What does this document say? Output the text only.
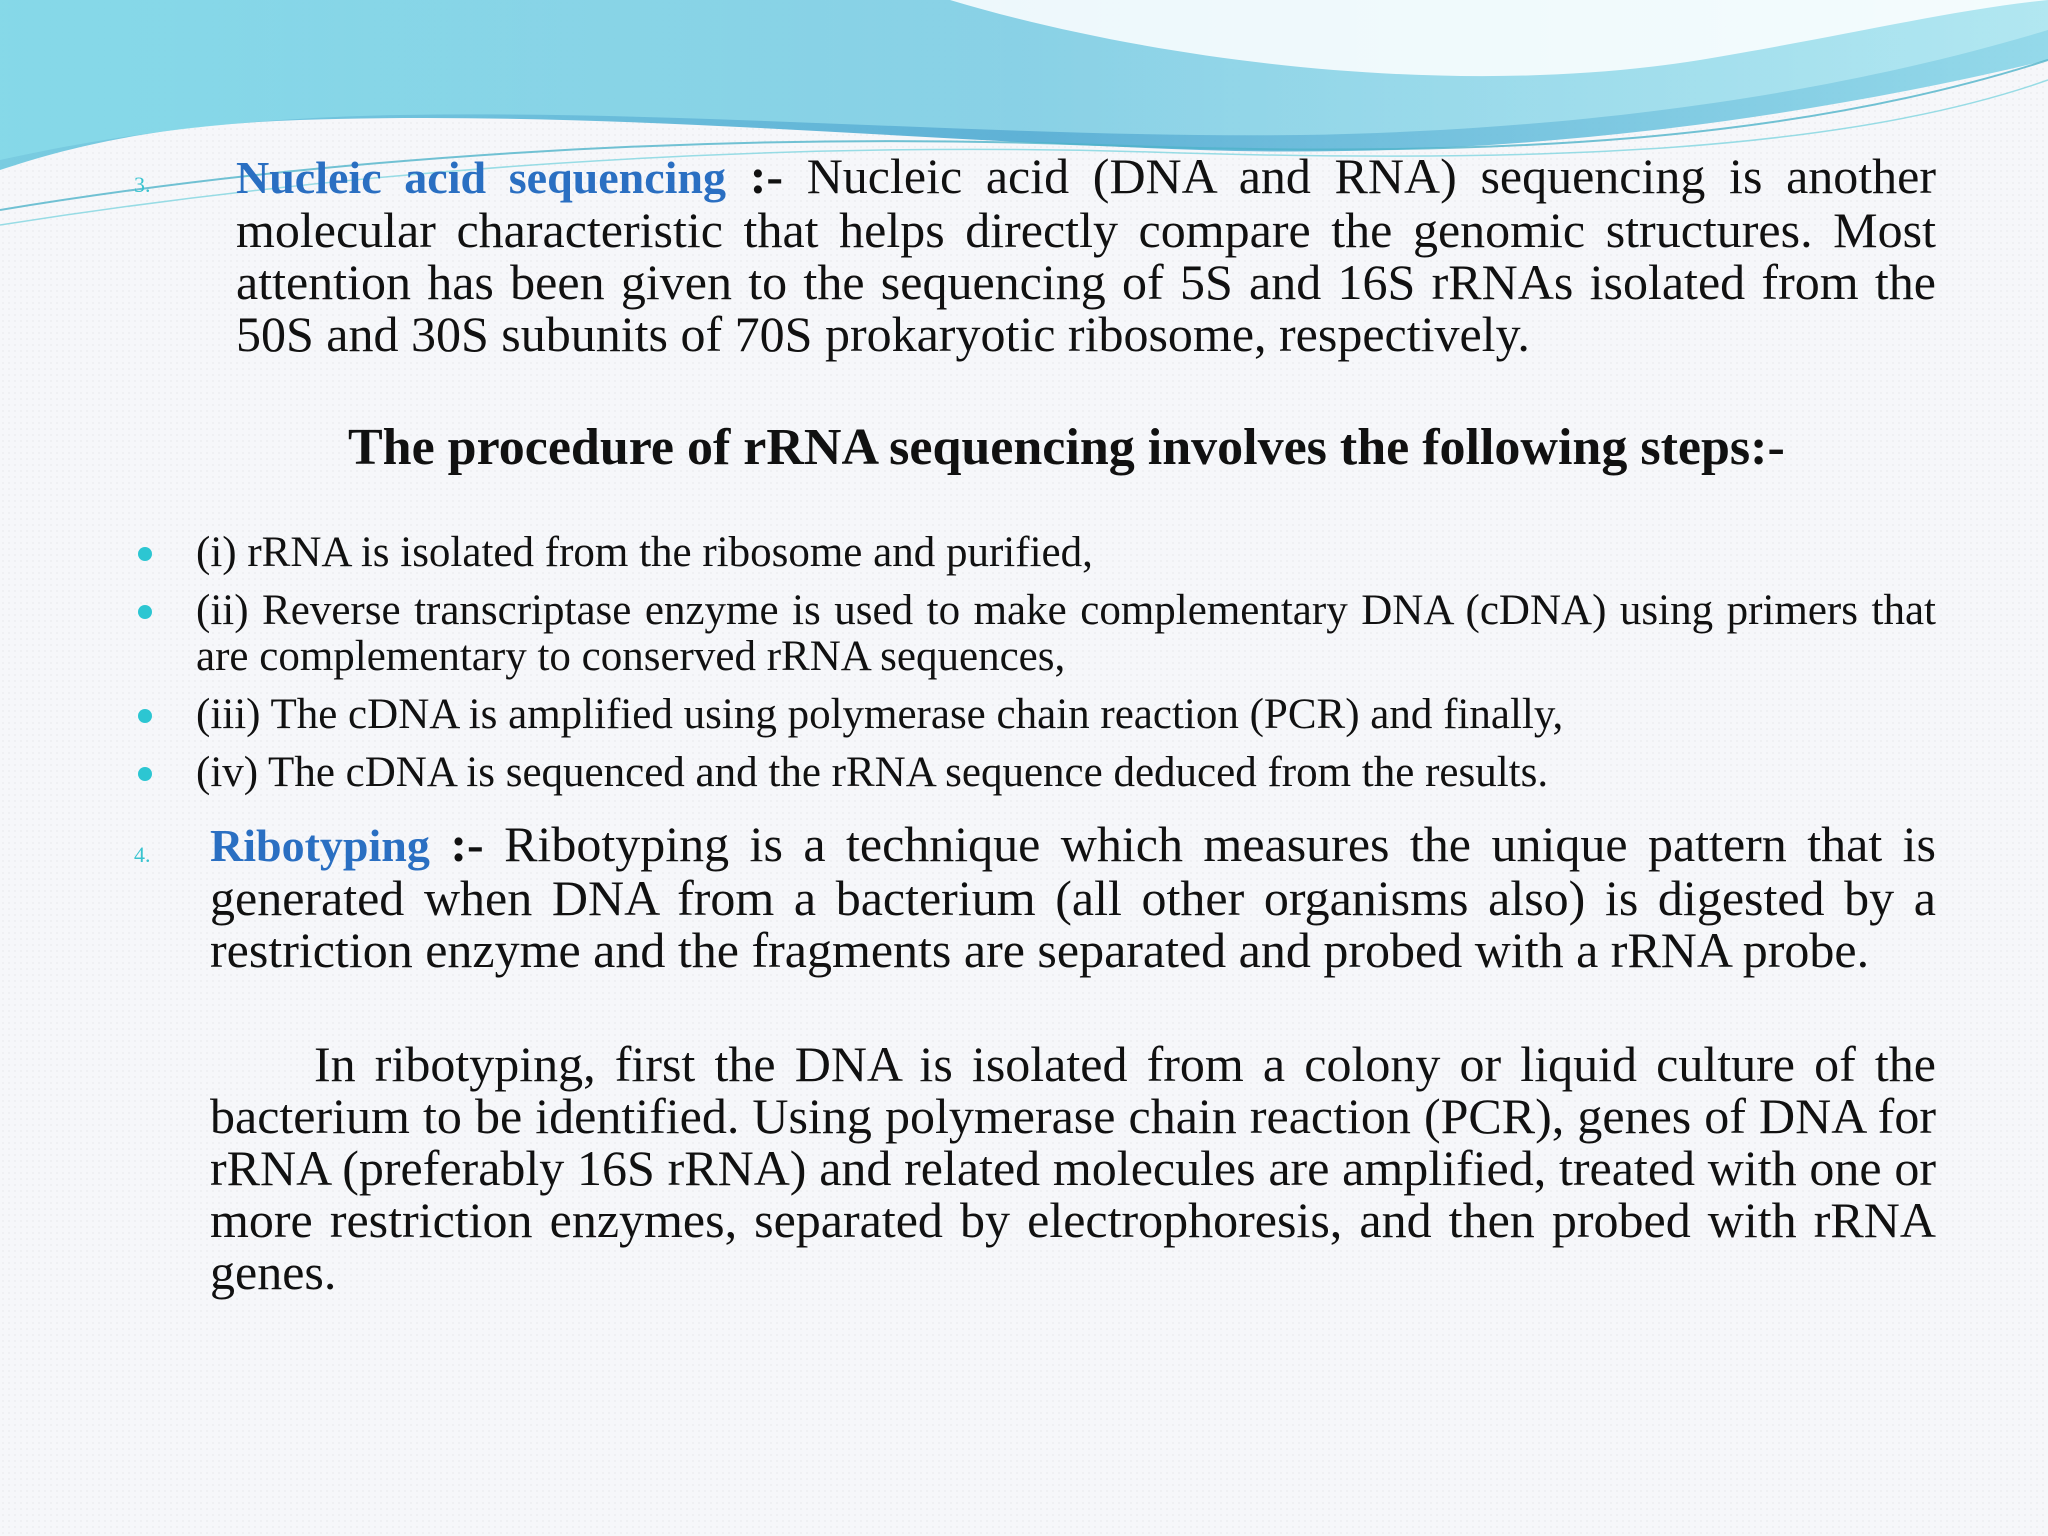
3. Nucleic acid sequencing :- Nucleic acid (DNA and RNA) sequencing is another molecular characteristic that helps directly compare the genomic structures. Most attention has been given to the sequencing of 5S and 16S rRNAs isolated from the 50S and 30S subunits of 70S prokaryotic ribosome, respectively.
The procedure of rRNA sequencing involves the following steps:-
(i) rRNA is isolated from the ribosome and purified,
(ii) Reverse transcriptase enzyme is used to make complementary DNA (cDNA) using primers that are complementary to conserved rRNA sequences,
(iii) The cDNA is amplified using polymerase chain reaction (PCR) and finally,
(iv) The cDNA is sequenced and the rRNA sequence deduced from the results.
4. Ribotyping :- Ribotyping is a technique which measures the unique pattern that is generated when DNA from a bacterium (all other organisms also) is digested by a restriction enzyme and the fragments are separated and probed with a rRNA probe.
In ribotyping, first the DNA is isolated from a colony or liquid culture of the bacterium to be identified. Using polymerase chain reaction (PCR), genes of DNA for rRNA (preferably 16S rRNA) and related molecules are amplified, treated with one or more restriction enzymes, separated by electrophoresis, and then probed with rRNA genes.
